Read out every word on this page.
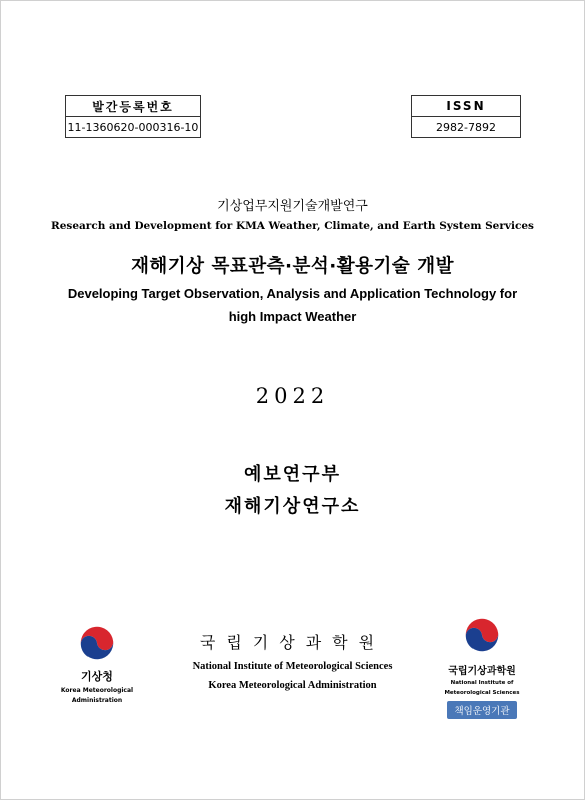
발간등록번호
11-1360620-000316-10
ISSN
2982-7892
기상업무지원기술개발연구
Research and Development for KMA Weather, Climate, and Earth System Services
재해기상 목표관측·분석·활용기술 개발
Developing Target Observation, Analysis and Application Technology for
high Impact Weather
2022
예보연구부
재해기상연구소
국립기상과학원
National Institute of Meteorological Sciences
Korea Meteorological Administration
기상청
Korea Meteorological
Administration
국립기상과학원
National Institute of
Meteorological Sciences
책임운영기관
